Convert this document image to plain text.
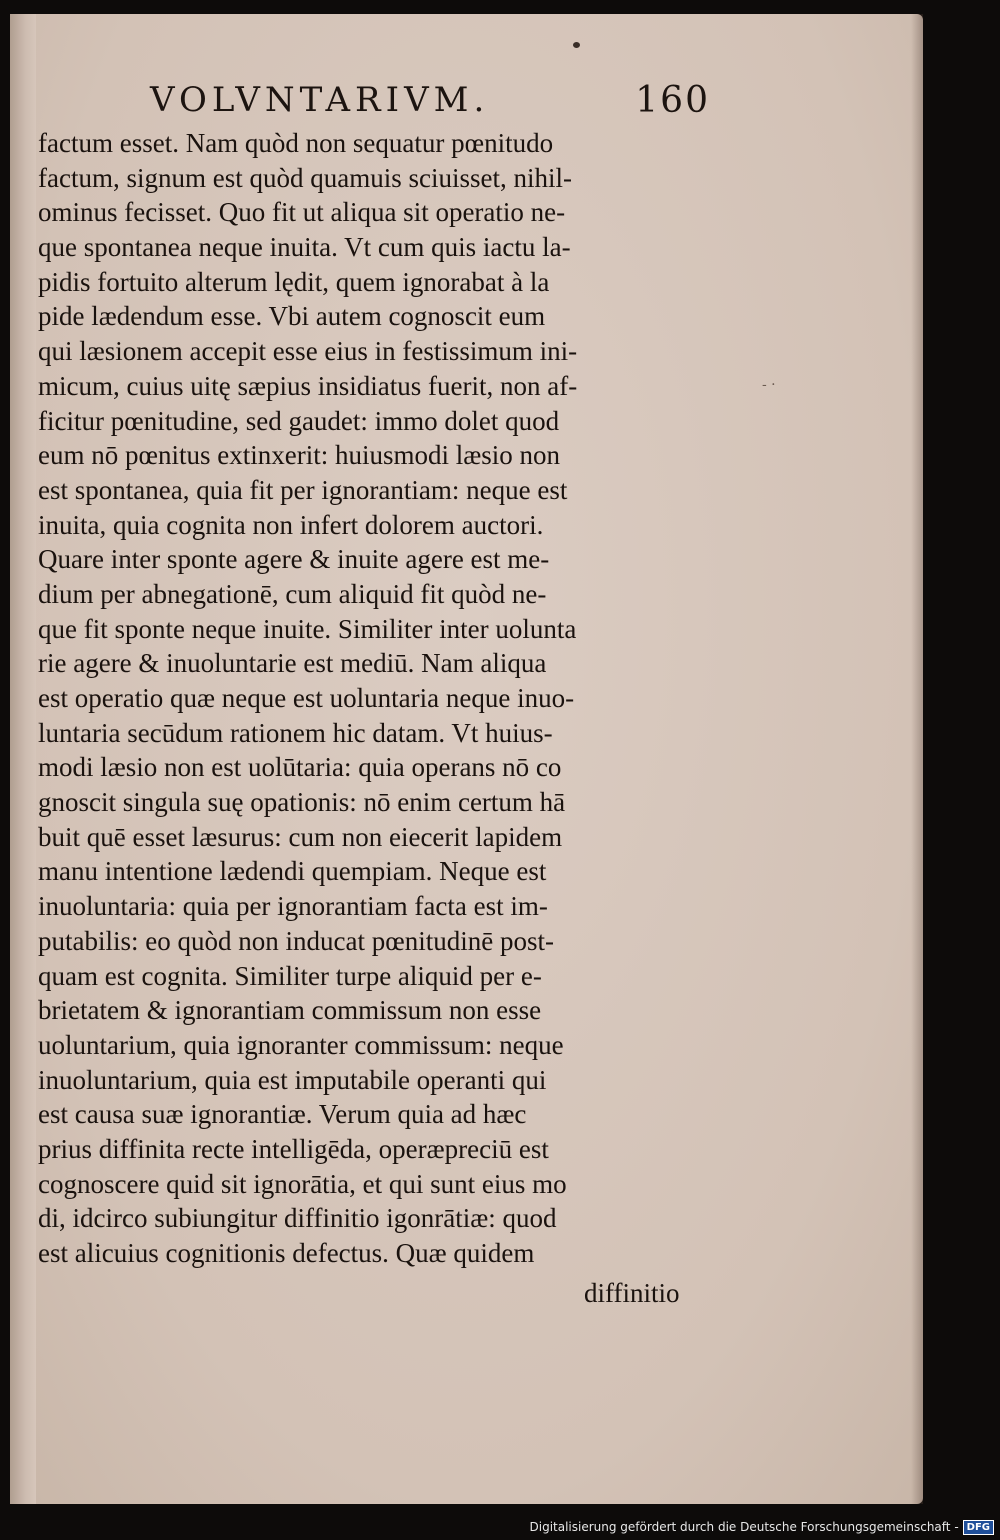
VOLVNTARIVM.	160
factum esset. Nam quòd non sequatur pœnitudo
factum, signum est quòd quamuis sciuisset, nihil-
ominus fecisset. Quo fit ut aliqua sit operatio ne-
que spontanea neque inuita. Vt cum quis iactu la-
pidis fortuito alterum lędit, quem ignorabat à la
pide lædendum esse. Vbi autem cognoscit eum
qui læsionem accepit esse eius in festissimum ini-
micum, cuius uitę sæpius insidiatus fuerit, non af-
ficitur pœnitudine, sed gaudet: immo dolet quod
eum nō pœnitus extinxerit: huiusmodi læsio non
est spontanea, quia fit per ignorantiam: neque est
inuita, quia cognita non infert dolorem auctori.
Quare inter sponte agere & inuite agere est me-
dium per abnegationē, cum aliquid fit quòd ne-
que fit sponte neque inuite. Similiter inter uolunta
rie agere & inuoluntarie est mediū. Nam aliqua
est operatio quæ neque est uoluntaria neque inuo-
luntaria secūdum rationem hic datam. Vt huius-
modi læsio non est uolūtaria: quia operans nō co
gnoscit singula suę opationis: nō enim certum hā
buit quē esset læsurus: cum non eiecerit lapidem
manu intentione lædendi quempiam. Neque est
inuoluntaria: quia per ignorantiam facta est im-
putabilis: eo quòd non inducat pœnitudinē post-
quam est cognita. Similiter turpe aliquid per e-
brietatem & ignorantiam commissum non esse
uoluntarium, quia ignoranter commissum: neque
inuoluntarium, quia est imputabile operanti qui
est causa suæ ignorantiæ. Verum quia ad hæc
prius diffinita recte intelligēda, operæpreciū est
cognoscere quid sit ignorātia, et qui sunt eius mo
di, idcirco subiungitur diffinitio igonrātiæ: quod
est alicuius cognitionis defectus. Quæ quidem
diffinitio
- ·
Digitalisierung gefördert durch die Deutsche Forschungsgemeinschaft - DFG
